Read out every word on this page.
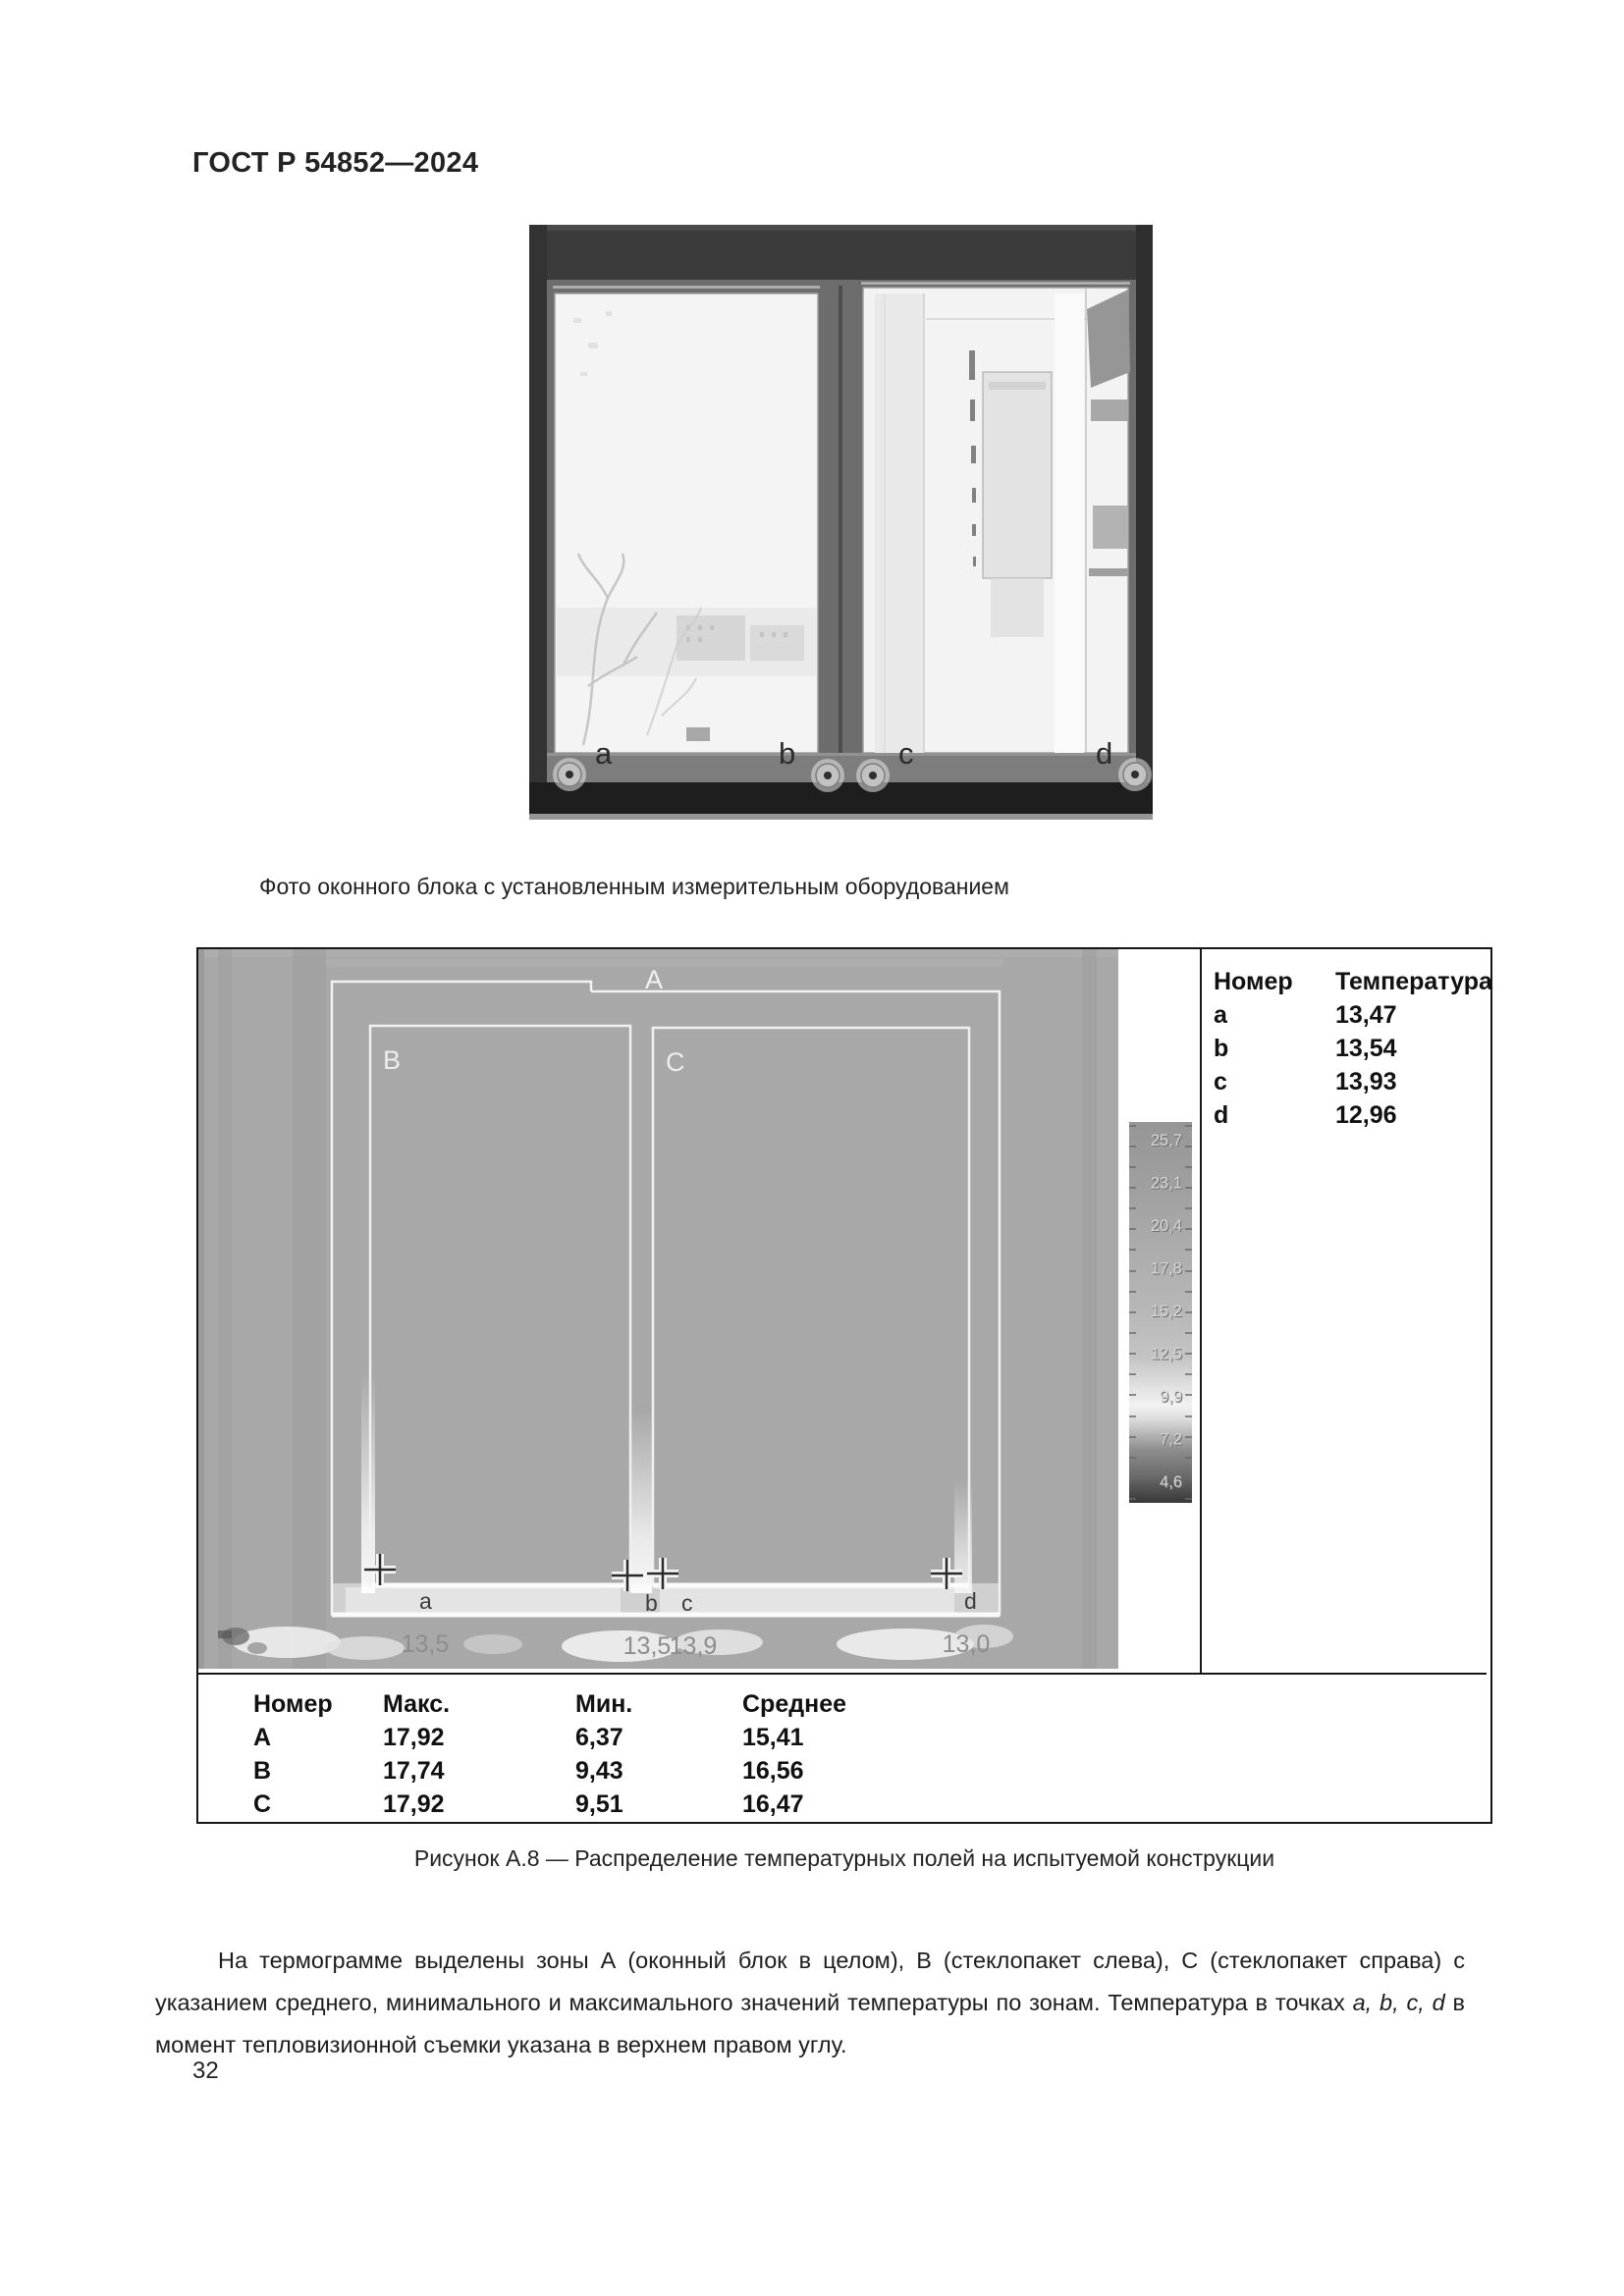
ГОСТ Р 54852—2024
a	b	c	d
Фото оконного блока с установленным измерительным оборудованием
A
B	C
a	b c	d
13,5	13,5
13,9	13,0
25,7
23,1
20,4
17,8
15,2
12,5
9,9
7,2
4,6
Номер	Температура
a	13,47
b	13,54
c	13,93
d	12,96
Номер	Макс.	Мин.	Среднее
A	17,92	6,37	15,41
B	17,74	9,43	16,56
C	17,92	9,51	16,47
Рисунок А.8 — Распределение температурных полей на испытуемой конструкции

На термограмме выделены зоны А (оконный блок в целом), В (стеклопакет слева), С (стеклопакет справа) с указанием среднего, минимального и максимального значений температуры по зонам. Температура в точках a, b, c, d в момент тепловизионной съемки указана в верхнем правом углу.

32
